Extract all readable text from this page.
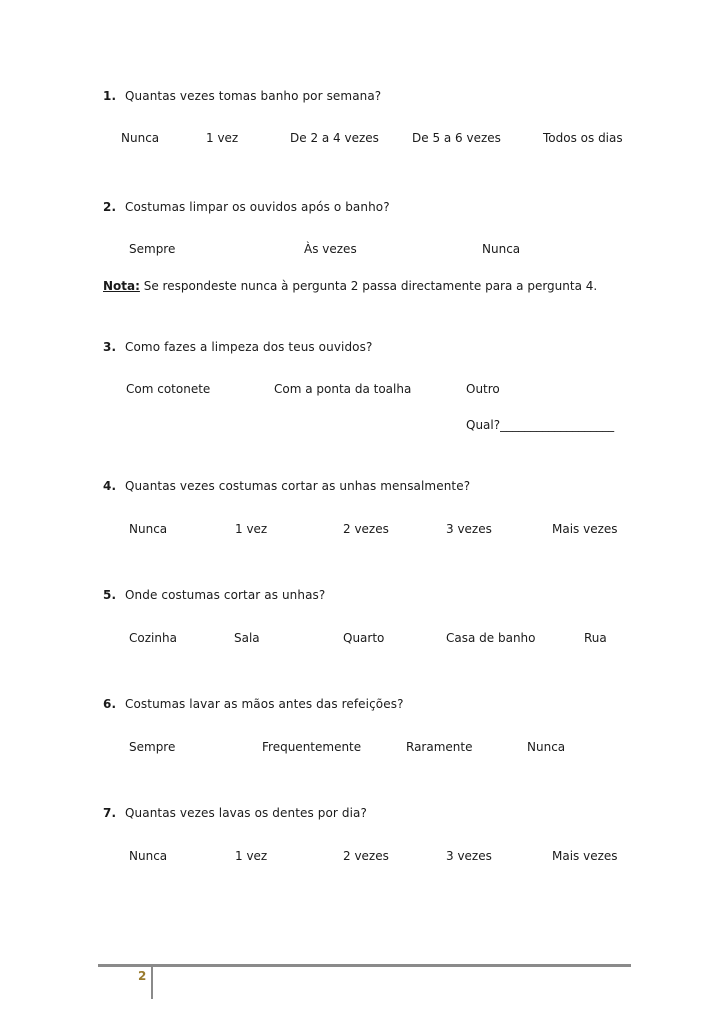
1. Quantas vezes tomas banho por semana?
Nunca	1 vez	De 2 a 4 vezes	De 5 a 6 vezes	Todos os dias
2. Costumas limpar os ouvidos após o banho?
Sempre	Às vezes	Nunca
Nota: Se respondeste nunca à pergunta 2 passa directamente para a pergunta 4.
3. Como fazes a limpeza dos teus ouvidos?
Com cotonete	Com a ponta da toalha	Outro
Qual?___________________
4. Quantas vezes costumas cortar as unhas mensalmente?
Nunca	1 vez	2 vezes	3 vezes	Mais vezes
5. Onde costumas cortar as unhas?
Cozinha	Sala	Quarto	Casa de banho	Rua
6. Costumas lavar as mãos antes das refeições?
Sempre	Frequentemente	Raramente	Nunca
7. Quantas vezes lavas os dentes por dia?
Nunca	1 vez	2 vezes	3 vezes	Mais vezes
2
